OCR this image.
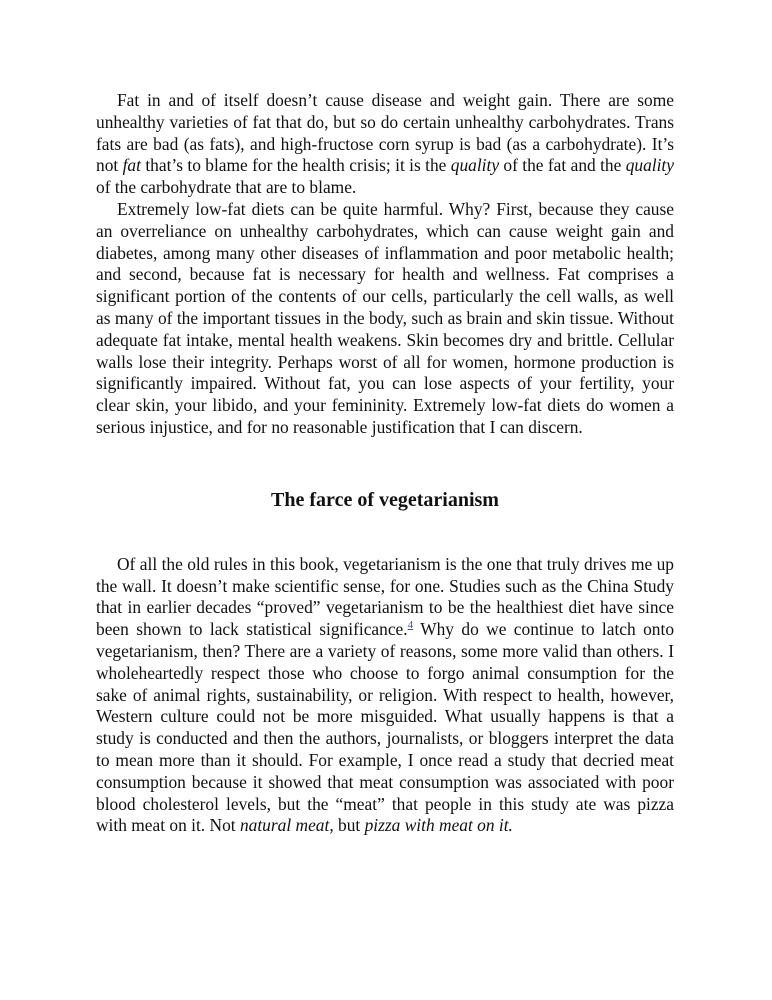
Fat in and of itself doesn’t cause disease and weight gain. There are some unhealthy varieties of fat that do, but so do certain unhealthy carbohydrates. Trans fats are bad (as fats), and high-fructose corn syrup is bad (as a carbohydrate). It’s not fat that’s to blame for the health crisis; it is the quality of the fat and the quality of the carbohydrate that are to blame.

Extremely low-fat diets can be quite harmful. Why? First, because they cause an overreliance on unhealthy carbohydrates, which can cause weight gain and diabetes, among many other diseases of inflammation and poor metabolic health; and second, because fat is necessary for health and wellness. Fat comprises a significant portion of the contents of our cells, particularly the cell walls, as well as many of the important tissues in the body, such as brain and skin tissue. Without adequate fat intake, mental health weakens. Skin becomes dry and brittle. Cellular walls lose their integrity. Perhaps worst of all for women, hormone production is significantly impaired. Without fat, you can lose aspects of your fertility, your clear skin, your libido, and your femininity. Extremely low-fat diets do women a serious injustice, and for no reasonable justification that I can discern.

The farce of vegetarianism

Of all the old rules in this book, vegetarianism is the one that truly drives me up the wall. It doesn’t make scientific sense, for one. Studies such as the China Study that in earlier decades “proved” vegetarianism to be the healthiest diet have since been shown to lack statistical significance.$^4$ Why do we continue to latch onto vegetarianism, then? There are a variety of reasons, some more valid than others. I wholeheartedly respect those who choose to forgo animal consumption for the sake of animal rights, sustainability, or religion. With respect to health, however, Western culture could not be more misguided. What usually happens is that a study is conducted and then the authors, journalists, or bloggers interpret the data to mean more than it should. For example, I once read a study that decried meat consumption because it showed that meat consumption was associated with poor blood cholesterol levels, but the “meat” that people in this study ate was pizza with meat on it. Not natural meat, but pizza with meat on it.
